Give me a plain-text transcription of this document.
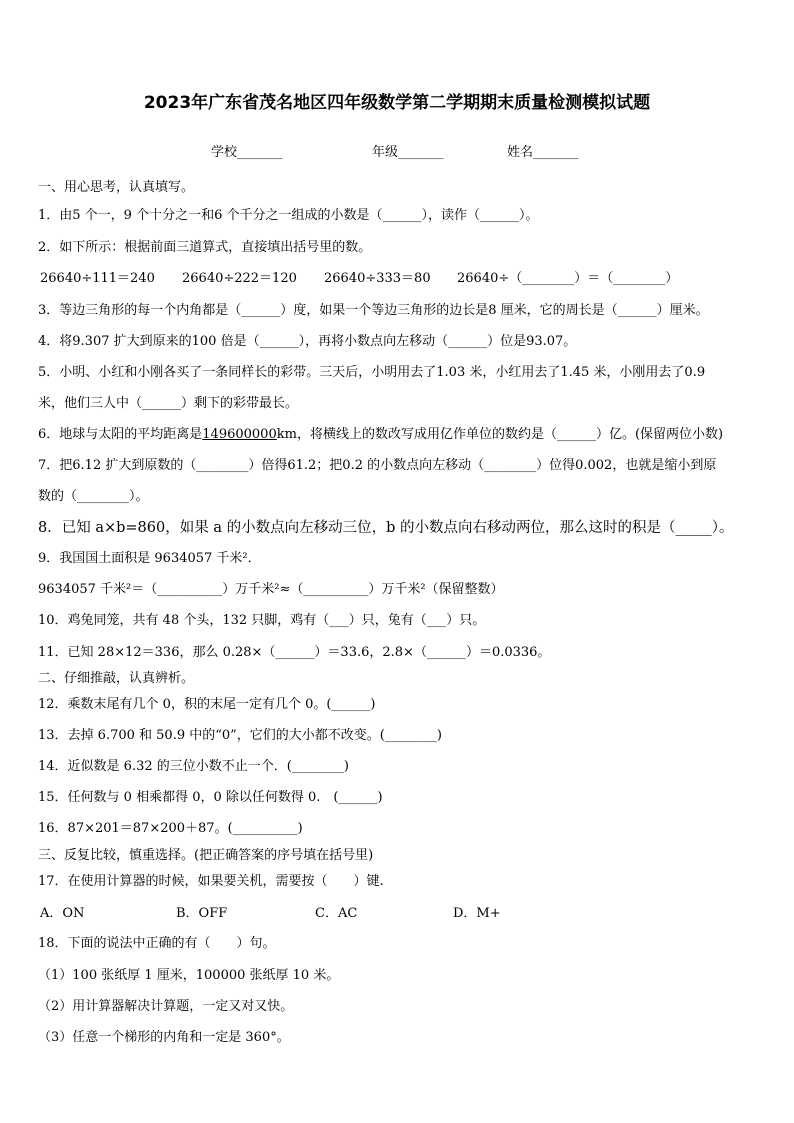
2023年广东省茂名地区四年级数学第二学期期末质量检测模拟试题
学校_______	年级_______	姓名_______
一、用心思考，认真填写。
1．由5 个一，9 个十分之一和6 个千分之一组成的小数是（______），读作（______）。
2．如下所示：根据前面三道算式，直接填出括号里的数。
26640÷111＝240 26640÷222＝120 26640÷333＝80 26640÷（________）＝（________）
3．等边三角形的每一个内角都是（______）度，如果一个等边三角形的边长是8 厘米，它的周长是（______）厘米。
4．将9.307 扩大到原来的100 倍是（______），再将小数点向左移动（______）位是93.07。
5．小明、小红和小刚各买了一条同样长的彩带。三天后，小明用去了1.03 米，小红用去了1.45 米，小刚用去了0.9
米，他们三人中（______）剩下的彩带最长。
6．地球与太阳的平均距离是149600000km，将横线上的数改写成用亿作单位的数约是（______）亿。(保留两位小数)
7．把6.12 扩大到原数的（________）倍得61.2；把0.2 的小数点向左移动（________）位得0.002，也就是缩小到原
数的（________）。
8．已知 a×b=860，如果 a 的小数点向左移动三位，b 的小数点向右移动两位，那么这时的积是（_____）。
9．我国国土面积是 9634057 千米²．
9634057 千米²＝（__________）万千米²≈（__________）万千米²（保留整数）
10．鸡兔同笼，共有 48 个头，132 只脚，鸡有（___）只，兔有（___）只。
11．已知 28×12＝336，那么 0.28×（______）＝33.6，2.8×（______）＝0.0336。
二、仔细推敲，认真辨析。
12．乘数末尾有几个 0，积的末尾一定有几个 0。(______)
13．去掉 6.700 和 50.9 中的“0”，它们的大小都不改变。(________)
14．近似数是 6.32 的三位小数不止一个．(________)
15．任何数与 0 相乘都得 0，0 除以任何数得 0.　(______)
16．87×201＝87×200＋87。(__________)
三、反复比较，慎重选择。(把正确答案的序号填在括号里)
17．在使用计算器的时候，如果要关机，需要按（　　）键.
A．ON	B．OFF	C．AC	D．M+
18．下面的说法中正确的有（　　）句。
（1）100 张纸厚 1 厘米，100000 张纸厚 10 米。
（2）用计算器解决计算题，一定又对又快。
（3）任意一个梯形的内角和一定是 360°。
